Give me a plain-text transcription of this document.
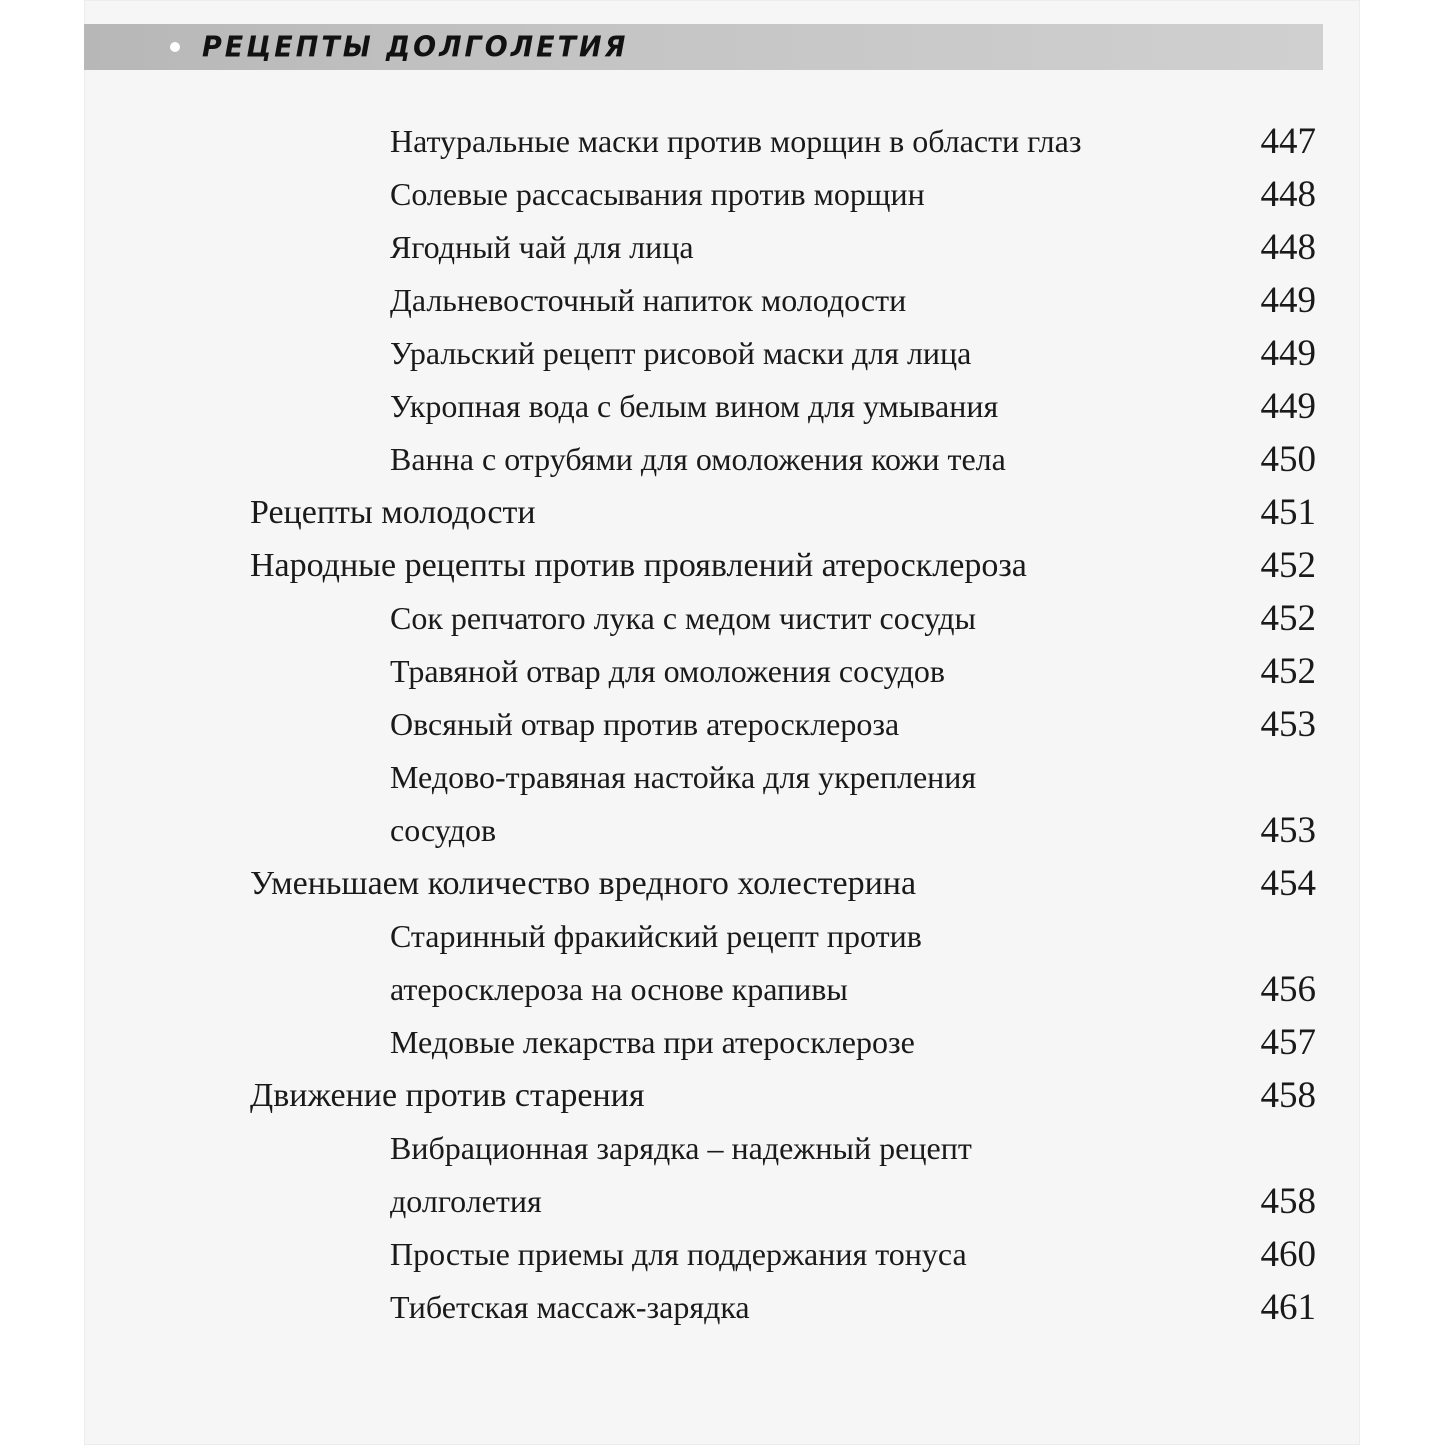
РЕЦЕПТЫ ДОЛГОЛЕТИЯ
Натуральные маски против морщин в области глаз	447
Солевые рассасывания против морщин	448
Ягодный чай для лица	448
Дальневосточный напиток молодости	449
Уральский рецепт рисовой маски для лица	449
Укропная вода с белым вином для умывания	449
Ванна с отрубями для омоложения кожи тела	450
Рецепты молодости	451
Народные рецепты против проявлений атеросклероза	452
Сок репчатого лука с медом чистит сосуды	452
Травяной отвар для омоложения сосудов	452
Овсяный отвар против атеросклероза	453
Медово-травяная настойка для укрепления
сосудов	453
Уменьшаем количество вредного холестерина	454
Старинный фракийский рецепт против
атеросклероза на основе крапивы	456
Медовые лекарства при атеросклерозе	457
Движение против старения	458
Вибрационная зарядка – надежный рецепт
долголетия	458
Простые приемы для поддержания тонуса	460
Тибетская массаж-зарядка	461
